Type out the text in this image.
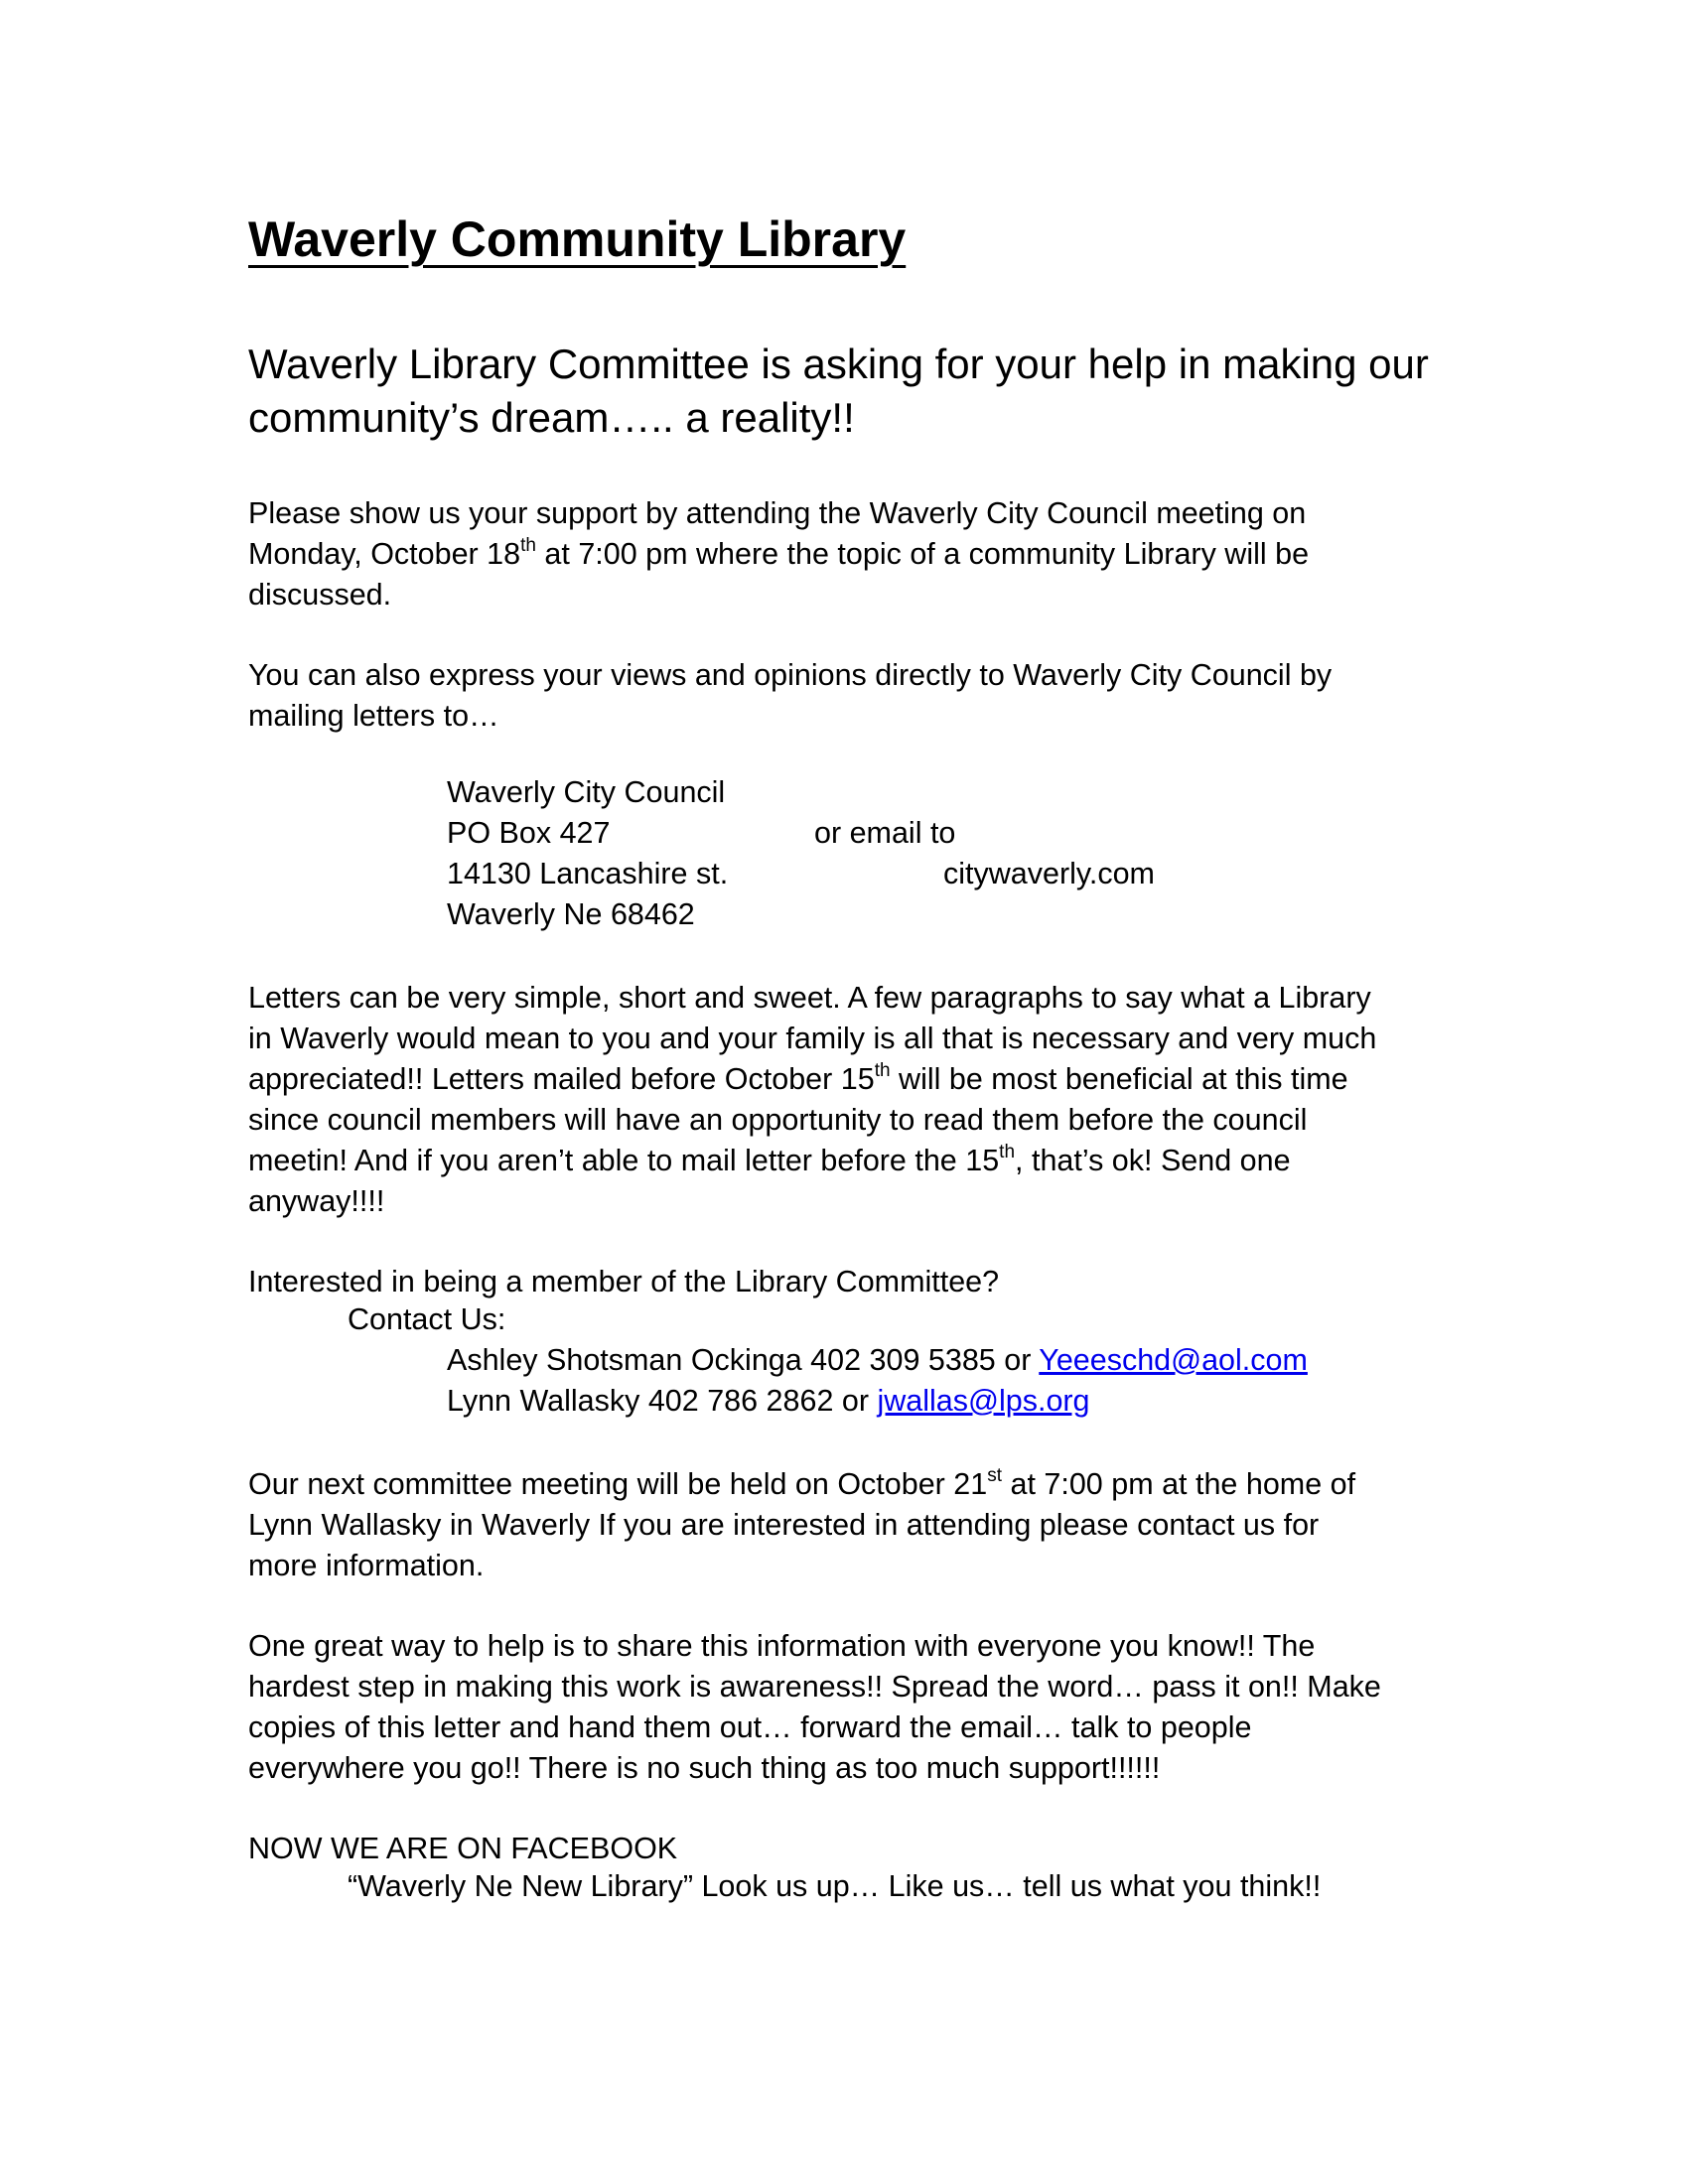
Waverly Community Library
Waverly Library Committee is asking for your help in making our
community’s dream….. a reality!!
Please show us your support by attending the Waverly City Council meeting on
Monday, October 18th at 7:00 pm where the topic of a community Library will be
discussed.
You can also express your views and opinions directly to Waverly City Council by
mailing letters to…
Waverly City Council
PO Box 427	or email to
14130 Lancashire st.	citywaverly.com
Waverly Ne 68462
Letters can be very simple, short and sweet. A few paragraphs to say what a Library
in Waverly would mean to you and your family is all that is necessary and very much
appreciated!! Letters mailed before October 15th will be most beneficial at this time
since council members will have an opportunity to read them before the council
meetin! And if you aren’t able to mail letter before the 15th, that’s ok! Send one
anyway!!!!
Interested in being a member of the Library Committee?
Contact Us:
Ashley Shotsman Ockinga 402 309 5385 or Yeeeschd@aol.com
Lynn Wallasky 402 786 2862 or jwallas@lps.org
Our next committee meeting will be held on October 21st at 7:00 pm at the home of
Lynn Wallasky in Waverly If you are interested in attending please contact us for
more information.
One great way to help is to share this information with everyone you know!! The
hardest step in making this work is awareness!! Spread the word… pass it on!! Make
copies of this letter and hand them out… forward the email… talk to people
everywhere you go!! There is no such thing as too much support!!!!!!
NOW WE ARE ON FACEBOOK
“Waverly Ne New Library” Look us up… Like us… tell us what you think!!
